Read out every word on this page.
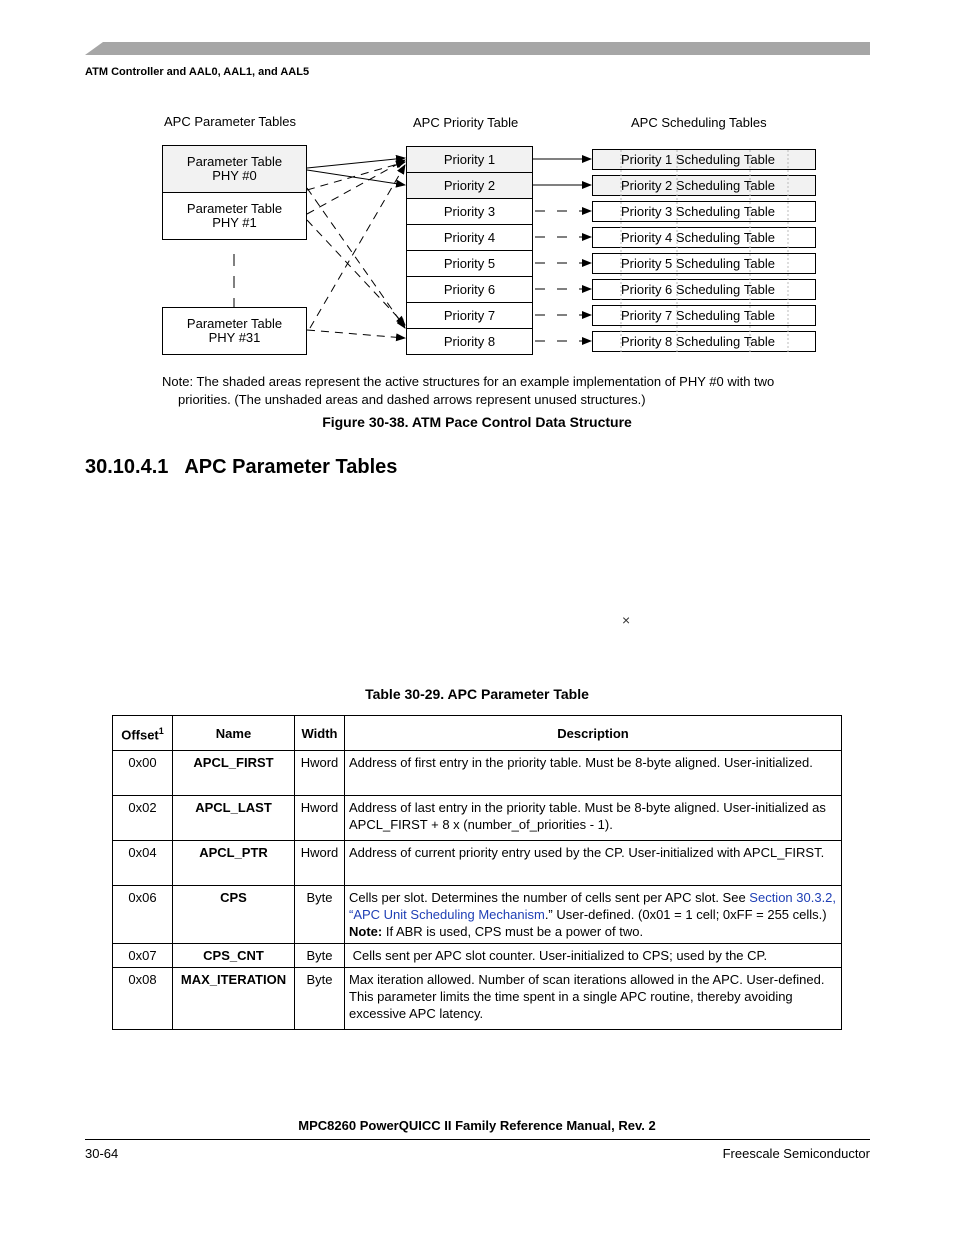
ATM Controller and AAL0, AAL1, and AAL5
APC Parameter Tables	APC Priority Table	APC Scheduling Tables
Parameter Table
PHY #0
Parameter Table
PHY #1
Parameter Table
PHY #31
Priority 1
Priority 2
Priority 3
Priority 4
Priority 5
Priority 6
Priority 7
Priority 8
Priority 1
Scheduling
Table
Priority 2
Scheduling
Table
Priority 3
Scheduling
Table
Priority 4
Scheduling
Table
Priority 5
Scheduling
Table
Priority 6
Scheduling
Table
Priority 7
Scheduling
Table
Priority 8
Scheduling
Table
Note: The shaded areas represent the active structures for an example implementation of PHY #0 with two
priorities. (The unshaded areas and dashed arrows represent unused structures.)
Figure 30-38. ATM Pace Control Data Structure
30.10.4.1   APC Parameter Tables
×
Table 30-29. APC Parameter Table
Offset$^1$	Name	Width	Description
0x00	APCL_FIRST	Hword	Address of first entry in the priority table. Must be 8-byte aligned. User-initialized.
0x02	APCL_LAST	Hword	Address of last entry in the priority table. Must be 8-byte aligned. User-initialized as APCL_FIRST + 8 x (number_of_priorities - 1).
0x04	APCL_PTR	Hword	Address of current priority entry used by the CP. User-initialized with APCL_FIRST.
0x06	CPS	Byte	Cells per slot. Determines the number of cells sent per APC slot. See Section 30.3.2, “APC Unit Scheduling Mechanism.” User-defined. (0x01 = 1 cell; 0xFF = 255 cells.)
Note: If ABR is used, CPS must be a power of two.
0x07	CPS_CNT	Byte	Cells sent per APC slot counter. User-initialized to CPS; used by the CP.
0x08	MAX_ITERATION	Byte	Max iteration allowed. Number of scan iterations allowed in the APC. User-defined. This parameter limits the time spent in a single APC routine, thereby avoiding excessive APC latency.
MPC8260 PowerQUICC II Family Reference Manual, Rev. 2
30-64	Freescale Semiconductor
